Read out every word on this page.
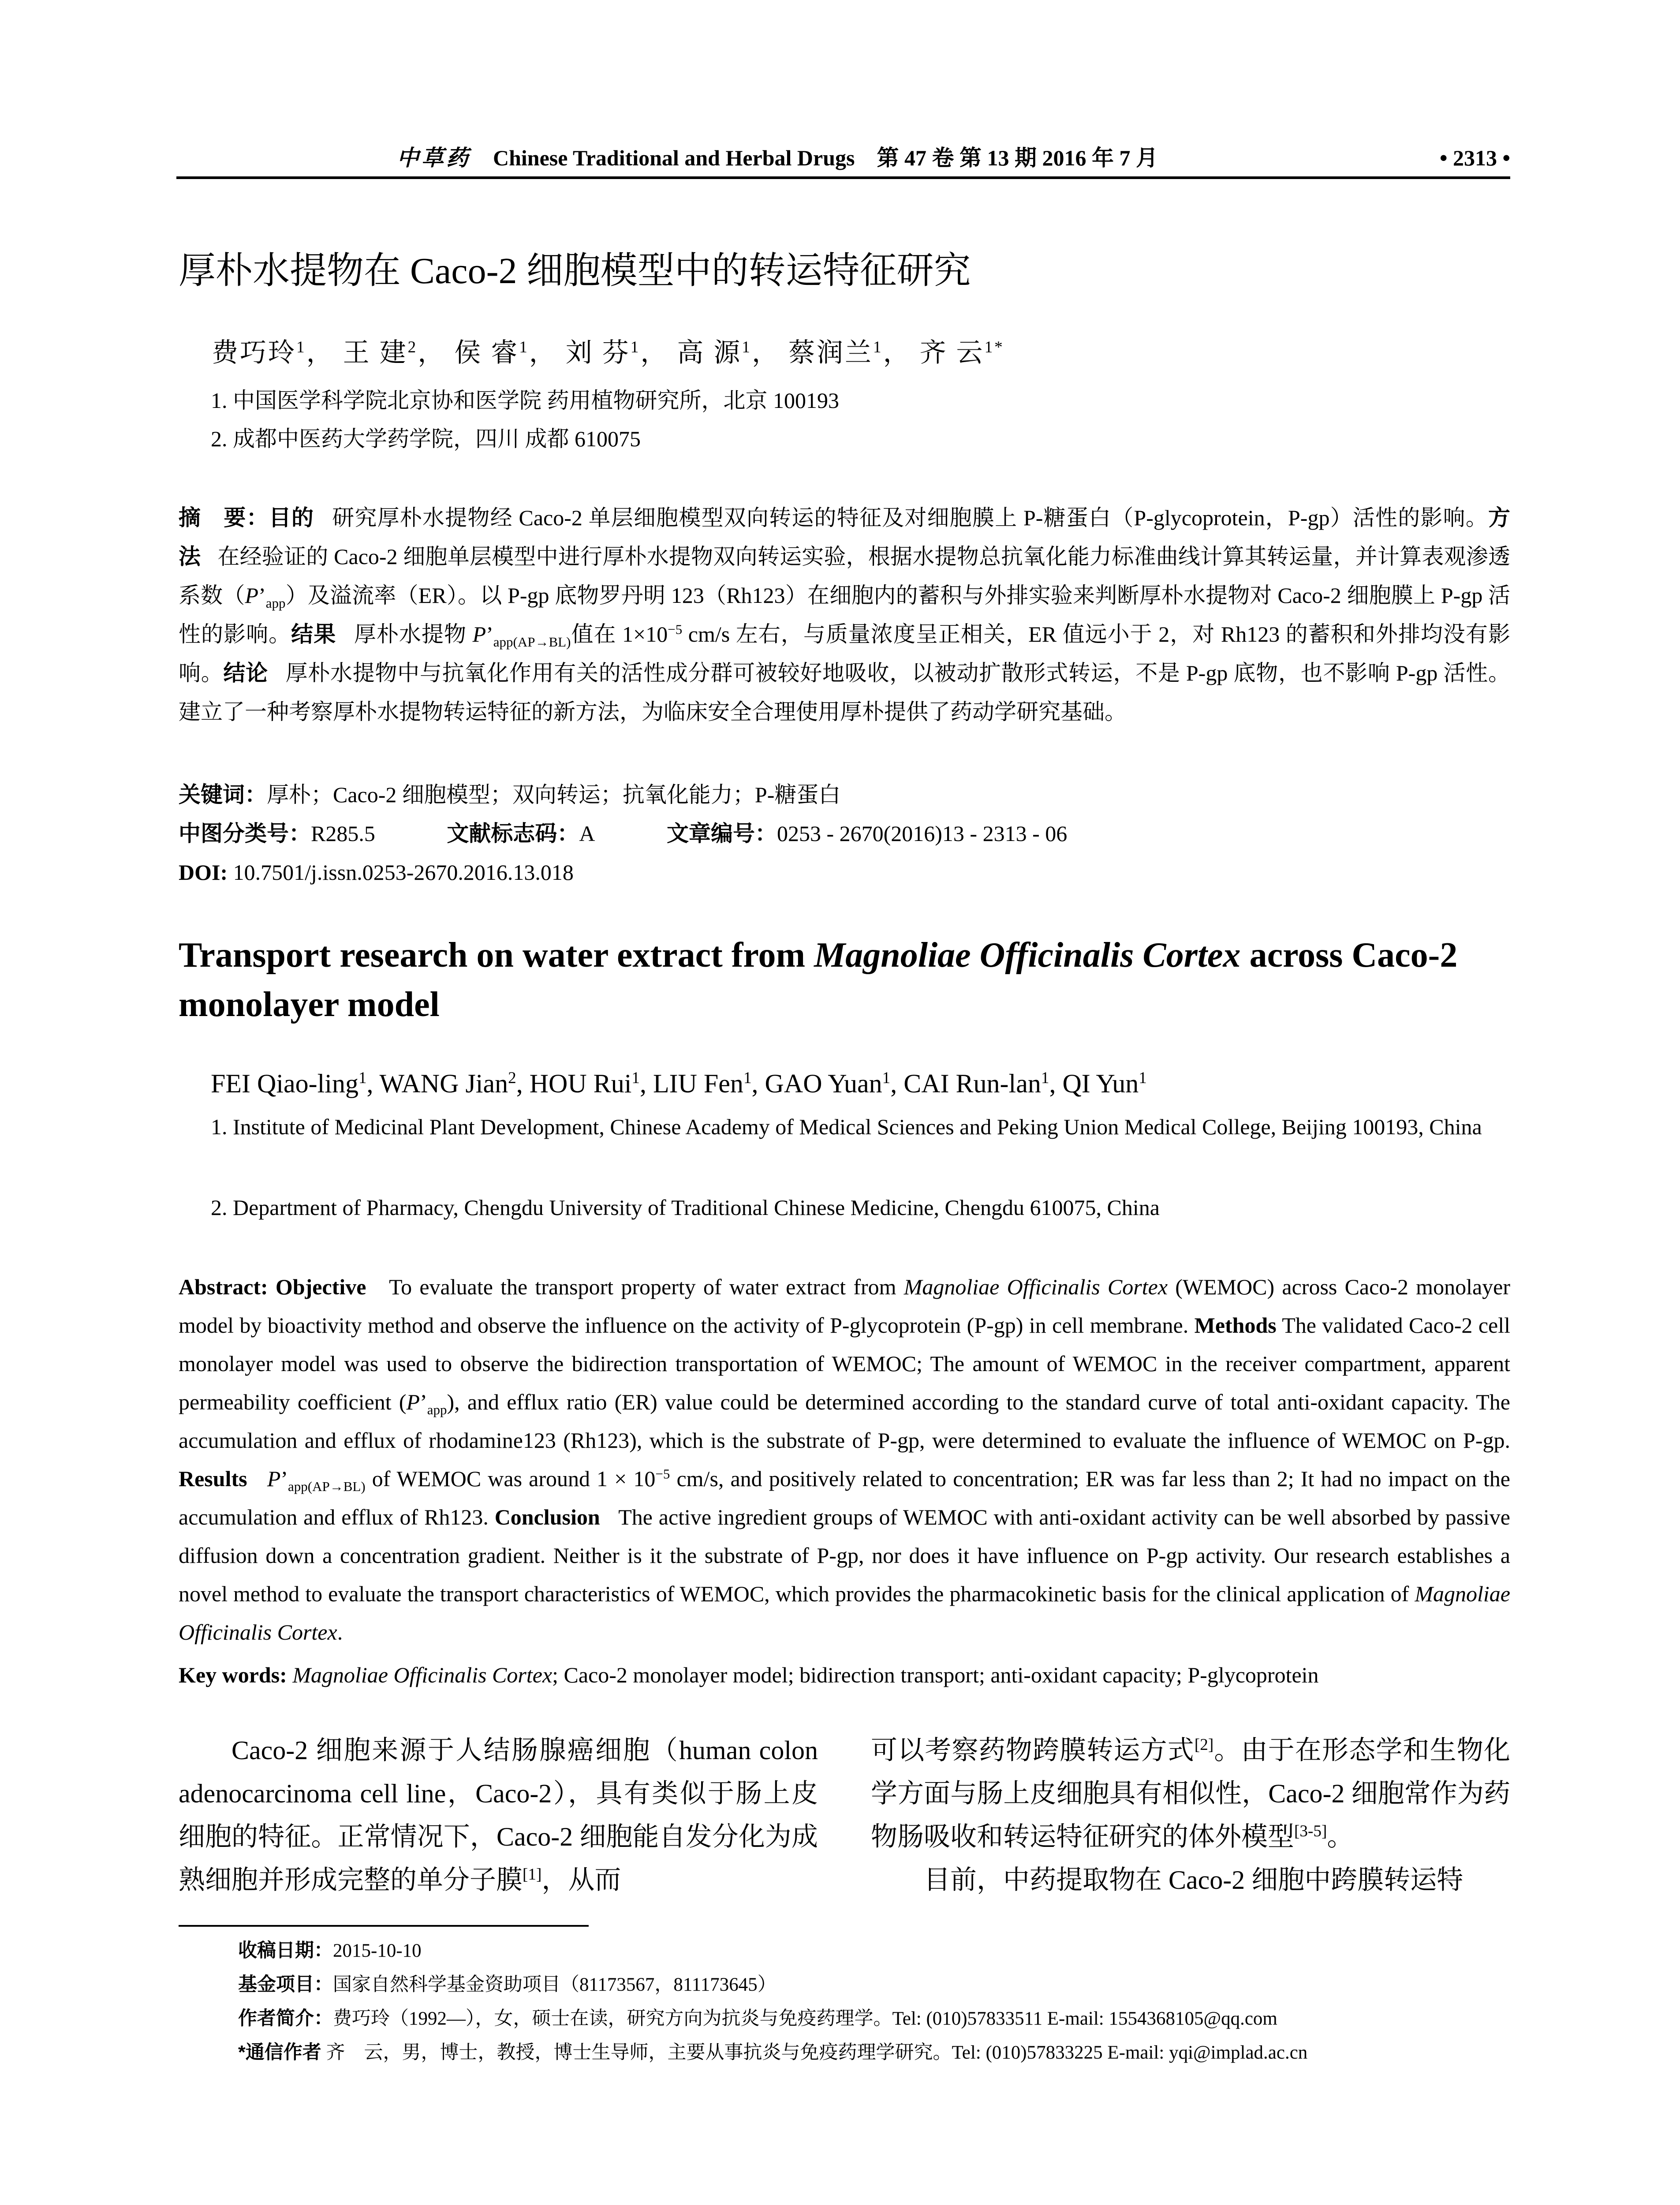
中草药 Chinese Traditional and Herbal Drugs 第 47 卷 第 13 期 2016 年 7 月	• 2313 •
厚朴水提物在 Caco-2 细胞模型中的转运特征研究
费巧玲$^1$， 王 建$^2$， 侯 睿$^1$， 刘 芬$^1$， 高 源$^1$， 蔡润兰$^1$， 齐 云$^{1*}$
1. 中国医学科学院北京协和医学院 药用植物研究所，北京 100193
2. 成都中医药大学药学院，四川 成都 610075
摘　要：目的 研究厚朴水提物经 Caco-2 单层细胞模型双向转运的特征及对细胞膜上 P-糖蛋白（P-glycoprotein，P-gp）活性的影响。方法 在经验证的 Caco-2 细胞单层模型中进行厚朴水提物双向转运实验，根据水提物总抗氧化能力标准曲线计算其转运量，并计算表观渗透系数$(P’_{app})$及溢流率（ER）。以 P-gp 底物罗丹明 123（Rh123）在细胞内的蓄积与外排实验来判断厚朴水提物对 Caco-2 细胞膜上 P-gp 活性的影响。结果 厚朴水提物 $P’_{app(AP\to BL)}$值在 $1\times 10^{-5}$ cm/s 左右，与质量浓度呈正相关，ER 值远小于 2，对 Rh123 的蓄积和外排均没有影响。结论 厚朴水提物中与抗氧化作用有关的活性成分群可被较好地吸收，以被动扩散形式转运，不是 P-gp 底物，也不影响 P-gp 活性。建立了一种考察厚朴水提物转运特征的新方法，为临床安全合理使用厚朴提供了药动学研究基础。
关键词：厚朴；Caco-2 细胞模型；双向转运；抗氧化能力；P-糖蛋白
中图分类号：R285.5	文献标志码：A	文章编号：0253 - 2670(2016)13 - 2313 - 06
DOI: 10.7501/j.issn.0253-2670.2016.13.018
Transport research on water extract from Magnoliae Officinalis Cortex across Caco-2 monolayer model
FEI Qiao-ling$^1$, WANG Jian$^2$, HOU Rui$^1$, LIU Fen$^1$, GAO Yuan$^1$, CAI Run-lan$^1$, QI Yun$^1$
1. Institute of Medicinal Plant Development, Chinese Academy of Medical Sciences and Peking Union Medical College, Beijing 100193, China
2. Department of Pharmacy, Chengdu University of Traditional Chinese Medicine, Chengdu 610075, China
Abstract: Objective To evaluate the transport property of water extract from Magnoliae Officinalis Cortex (WEMOC) across Caco-2 monolayer model by bioactivity method and observe the influence on the activity of P-glycoprotein (P-gp) in cell membrane. Methods The validated Caco-2 cell monolayer model was used to observe the bidirection transportation of WEMOC; The amount of WEMOC in the receiver compartment, apparent permeability coefficient $(P’_{app})$, and efflux ratio (ER) value could be determined according to the standard curve of total anti-oxidant capacity. The accumulation and efflux of rhodamine123 (Rh123), which is the substrate of P-gp, were determined to evaluate the influence of WEMOC on P-gp. Results $P’_{app(AP\to BL)}$ of WEMOC was around $1 \times 10^{-5}$ cm/s, and positively related to concentration; ER was far less than 2; It had no impact on the accumulation and efflux of Rh123. Conclusion The active ingredient groups of WEMOC with anti-oxidant activity can be well absorbed by passive diffusion down a concentration gradient. Neither is it the substrate of P-gp, nor does it have influence on P-gp activity. Our research establishes a novel method to evaluate the transport characteristics of WEMOC, which provides the pharmacokinetic basis for the clinical application of Magnoliae Officinalis Cortex.
Key words: Magnoliae Officinalis Cortex; Caco-2 monolayer model; bidirection transport; anti-oxidant capacity; P-glycoprotein

Caco-2 细胞来源于人结肠腺癌细胞（human colon adenocarcinoma cell line，Caco-2），具有类似于肠上皮细胞的特征。正常情况下，Caco-2 细胞能自发分化为成熟细胞并形成完整的单分子膜[1]，从而

可以考察药物跨膜转运方式[2]。由于在形态学和生物化学方面与肠上皮细胞具有相似性，Caco-2 细胞常作为药物肠吸收和转运特征研究的体外模型[3-5]。

目前，中药提取物在 Caco-2 细胞中跨膜转运特

收稿日期：2015-10-10
基金项目：国家自然科学基金资助项目（81173567，811173645）
作者简介：费巧玲（1992—），女，硕士在读，研究方向为抗炎与免疫药理学。Tel: (010)57833511 E-mail: 1554368105@qq.com
*通信作者 齐　云，男，博士，教授，博士生导师，主要从事抗炎与免疫药理学研究。Tel: (010)57833225 E-mail: yqi@implad.ac.cn
